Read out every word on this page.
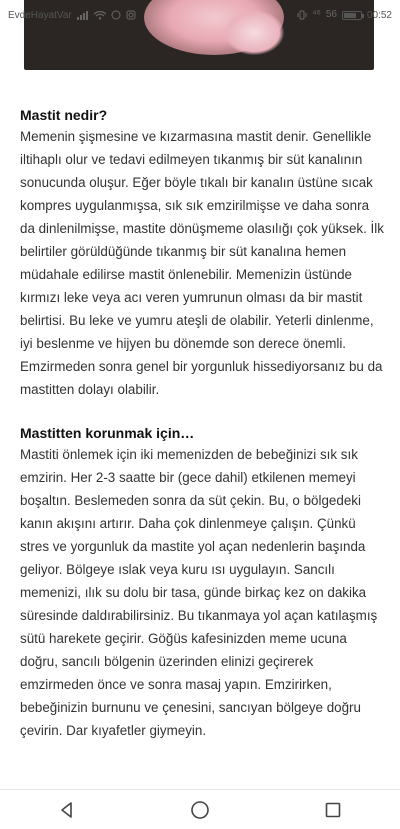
EvdeHayatVar	⁴⁶ 56	00:52
Mastit nedir?

Memenin şişmesine ve kızarmasına mastit denir. Genellikle iltihaplı olur ve tedavi edilmeyen tıkanmış bir süt kanalının sonucunda oluşur. Eğer böyle tıkalı bir kanalın üstüne sıcak kompres uygulanmışsa, sık sık emzirilmişse ve daha sonra da dinlenilmişse, mastite dönüşmeme olasılığı çok yüksek. İlk belirtiler görüldüğünde tıkanmış bir süt kanalına hemen müdahale edilirse mastit önlenebilir. Memenizin üstünde kırmızı leke veya acı veren yumrunun olması da bir mastit belirtisi. Bu leke ve yumru ateşli de olabilir. Yeterli dinlenme, iyi beslenme ve hijyen bu dönemde son derece önemli. Emzirmeden sonra genel bir yorgunluk hissediyorsanız bu da mastitten dolayı olabilir.

Mastitten korunmak için…

Mastiti önlemek için iki memenizden de bebeğinizi sık sık emzirin. Her 2-3 saatte bir (gece dahil) etkilenen memeyi boşaltın. Beslemeden sonra da süt çekin. Bu, o bölgedeki kanın akışını artırır. Daha çok dinlenmeye çalışın. Çünkü stres ve yorgunluk da mastite yol açan nedenlerin başında geliyor. Bölgeye ıslak veya kuru ısı uygulayın. Sancılı memenizi, ılık su dolu bir tasa, günde birkaç kez on dakika süresinde daldırabilirsiniz. Bu tıkanmaya yol açan katılaşmış sütü harekete geçirir. Göğüs kafesinizden meme ucuna doğru, sancılı bölgenin üzerinden elinizi geçirerek emzirmeden önce ve sonra masaj yapın. Emzirirken, bebeğinizin burnunu ve çenesini, sancıyan bölgeye doğru çevirin. Dar kıyafetler giymeyin.
